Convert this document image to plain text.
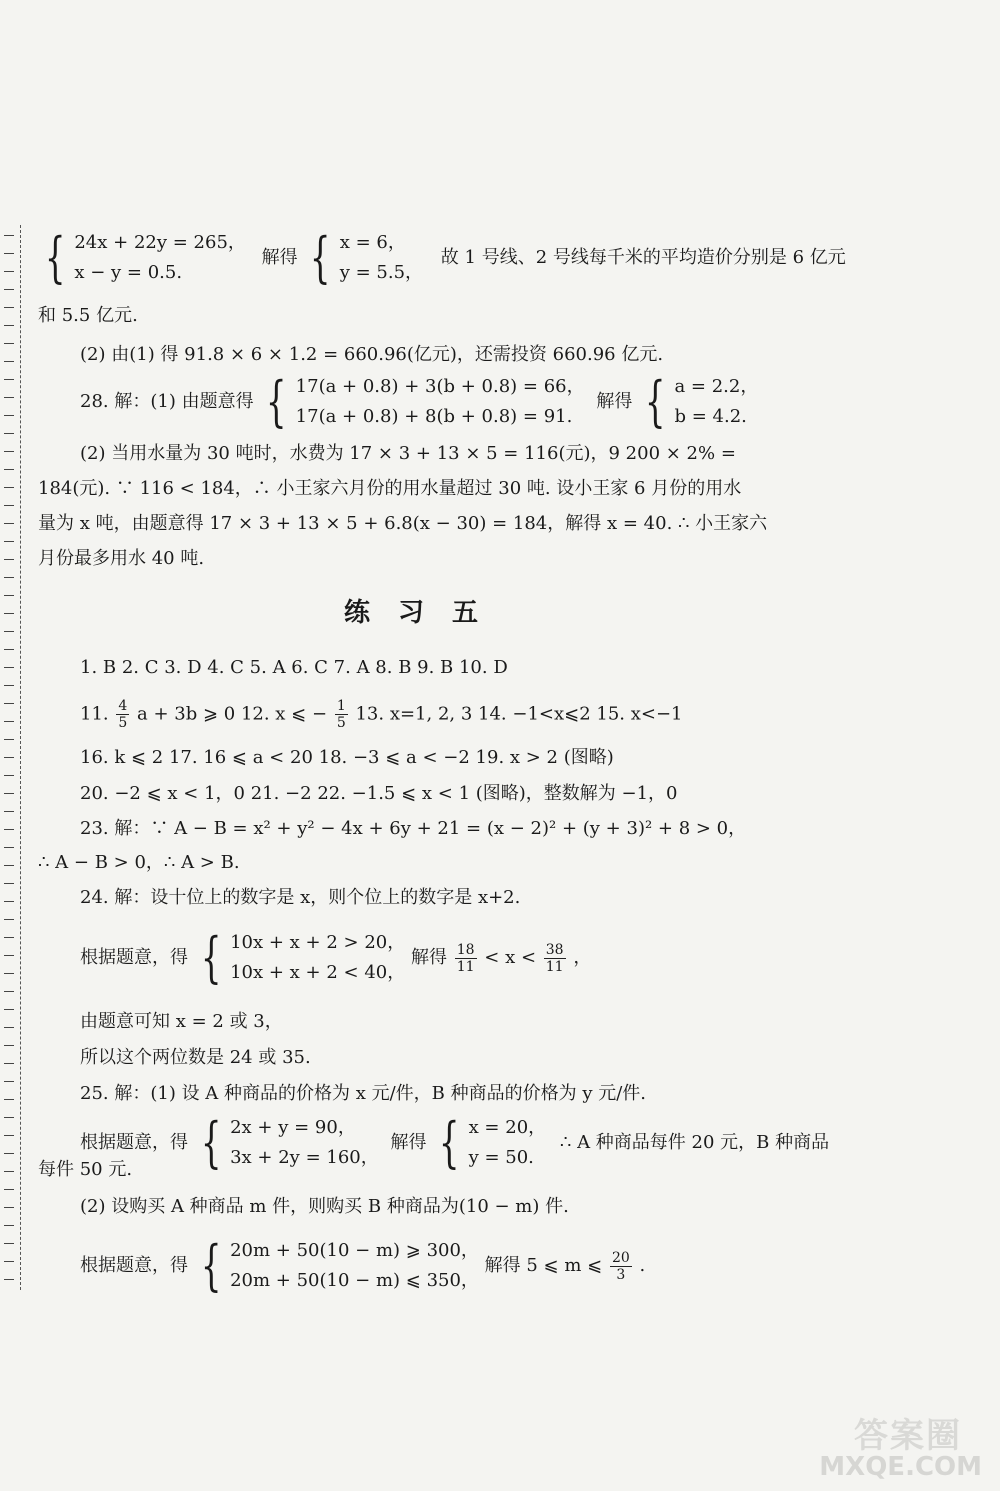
{ 24x + 22y = 265，
x − y = 0.5.
解得 { x = 6，
y = 5.5，
故 1 号线、2 号线每千米的平均造价分别是 6 亿元
和 5.5 亿元.
(2) 由(1) 得 91.8 × 6 × 1.2 = 660.96(亿元)，还需投资 660.96 亿元.
28. 解：(1) 由题意得 { 17(a + 0.8) + 3(b + 0.8) = 66，
17(a + 0.8) + 8(b + 0.8) = 91.
解得 { a = 2.2，
b = 4.2.
(2) 当用水量为 30 吨时，水费为 17 × 3 + 13 × 5 = 116(元)，9 200 × 2% =
184(元). ∵ 116 < 184，∴ 小王家六月份的用水量超过 30 吨. 设小王家 6 月份的用水
量为 x 吨，由题意得 17 × 3 + 13 × 5 + 6.8(x − 30) = 184，解得 x = 40. ∴ 小王家六
月份最多用水 40 吨.
练习五
1. B 2. C 3. D 4. C 5. A 6. C 7. A 8. B 9. B 10. D
11. $\frac{4}{5}$ a + 3b ⩾ 0 12. x ⩽ − $\frac{1}{5} 13$. x=1, 2, 3 14. −1<x⩽2 15. x<−1
16. k ⩽ 2 17. 16 ⩽ a < 20 18. −3 ⩽ a < −2 19. x > 2 (图略)
20. −2 ⩽ x < 1，0 21. −2 22. −1.5 ⩽ x < 1 (图略)，整数解为 −1，0
23. 解：∵ A − B = x² + y² − 4x + 6y + 21 = (x − 2)² + (y + 3)² + 8 > 0，
∴ A − B > 0，∴ A > B.
24. 解：设十位上的数字是 x，则个位上的数字是 x+2.
根据题意，得 { 10x + x + 2 > 20，
10x + x + 2 < 40，
解得 $\frac{18}{11} < x < \frac{38}{11}$ ，
由题意可知 x = 2 或 3，
所以这个两位数是 24 或 35.
25. 解：(1) 设 A 种商品的价格为 x 元/件，B 种商品的价格为 y 元/件.
根据题意，得 { 2x + y = 90，
3x + 2y = 160，
解得 { x = 20，
y = 50.
∴ A 种商品每件 20 元，B 种商品
每件 50 元.
(2) 设购买 A 种商品 m 件，则购买 B 种商品为(10 − m) 件.
根据题意，得 { 20m + 50(10 − m) ⩾ 300，
20m + 50(10 − m) ⩽ 350，
解得 5 ⩽ m ⩽ $\frac{20}{3}$ .
答案圈
MXQE.COM
